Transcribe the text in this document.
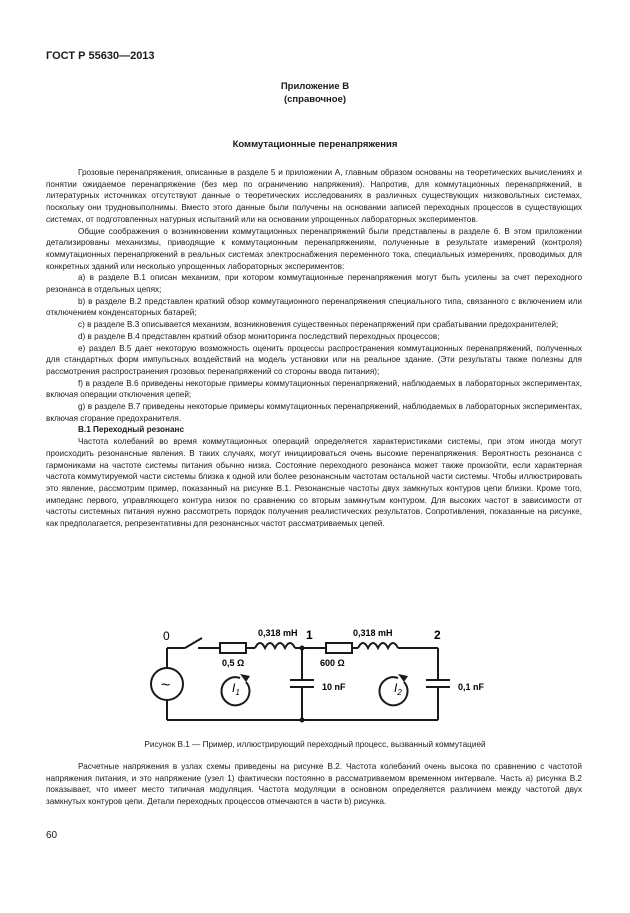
ГОСТ Р 55630—2013
Приложение В
(справочное)
Коммутационные перенапряжения

Грозовые перенапряжения, описанные в разделе 5 и приложении А, главным образом основаны на теоретических вычислениях и понятии ожидаемое перенапряжение (без мер по ограничению напряжения). Напротив, для коммутационных перенапряжений, в литературных источниках отсутствуют данные о теоретических исследованиях в различных существующих низковольтных системах, поскольку они трудновыполнимы. Вместо этого данные были получены на основании записей переходных процессов в существующих системах, от подготовленных натурных испытаний или на основании упрощенных лабораторных экспериментов.

Общие соображения о возникновении коммутационных перенапряжений были представлены в разделе 6. В этом приложении детализированы механизмы, приводящие к коммутационным перенапряжениям, полученные в результате измерений (контроля) коммутационных перенапряжений в реальных системах электроснабжения переменного тока, специальных измерениях, проводимых для конкретных зданий или несколько упрощенных лабораторных экспериментов:

а) в разделе В.1 описан механизм, при котором коммутационные перенапряжения могут быть усилены за счет переходного резонанса в отдельных цепях;

b) в разделе В.2 представлен краткий обзор коммутационного перенапряжения специального типа, связанного с включением или отключением конденсаторных батарей;

с) в разделе В.3 описывается механизм, возникновения существенных перенапряжений при срабатывании предохранителей;

d) в разделе В.4 представлен краткий обзор мониторинга последствий переходных процессов;

е) раздел В.5 дает некоторую возможность оценить процессы распространения коммутационных перенапряжений, полученных для стандартных форм импульсных воздействий на модель установки или на реальное здание. (Эти результаты также полезны для рассмотрения распространения грозовых перенапряжений со стороны ввода питания);

f) в разделе В.6 приведены некоторые примеры коммутационных перенапряжений, наблюдаемых в лабораторных экспериментах, включая операции отключения цепей;

g) в разделе В.7 приведены некоторые примеры коммутационных перенапряжений, наблюдаемых в лабораторных экспериментах, включая сгорание предохранителя.

В.1 Переходный резонанс

Частота колебаний во время коммутационных операций определяется характеристиками системы, при этом иногда могут происходить резонансные явления. В таких случаях, могут инициироваться очень высокие перенапряжения. Вероятность резонанса с гармониками на частоте системы питания обычно низка. Состояние переходного резонанса может также произойти, если характерная частота коммутируемой части системы близка к одной или более резонансным частотам остальной части системы. Чтобы иллюстрировать это явление, рассмотрим пример, показанный на рисунке В.1. Резонансные частоты двух замкнутых контуров цепи близки. Кроме того, импеданс первого, управляющего контура низок по сравнению со вторым замкнутым контуром. Для высоких частот в зависимости от частоты системных питания нужно рассмотреть порядок получения реалистических результатов. Сопротивления, показанные на рисунке, как предполагается, репрезентативны для резонансных частот рассматриваемых цепей.

0	1	2
0,318 mH	0,318 mH
0,5 Ω	600 Ω
10 nF	0,1 nF
~	$I_1$	$I_2$
Рисунок В.1 — Пример, иллюстрирующий переходный процесс, вызванный коммутацией

Расчетные напряжения в узлах схемы приведены на рисунке В.2. Частота колебаний очень высока по сравнению с частотой напряжения питания, и это напряжение (узел 1) фактически постоянно в рассматриваемом временном интервале. Часть а) рисунка В.2 показывает, что имеет место типичная модуляция. Частота модуляции в основном определяется различием между частотой двух замкнутых контуров цепи. Детали переходных процессов отмечаются в части b) рисунка.

60
